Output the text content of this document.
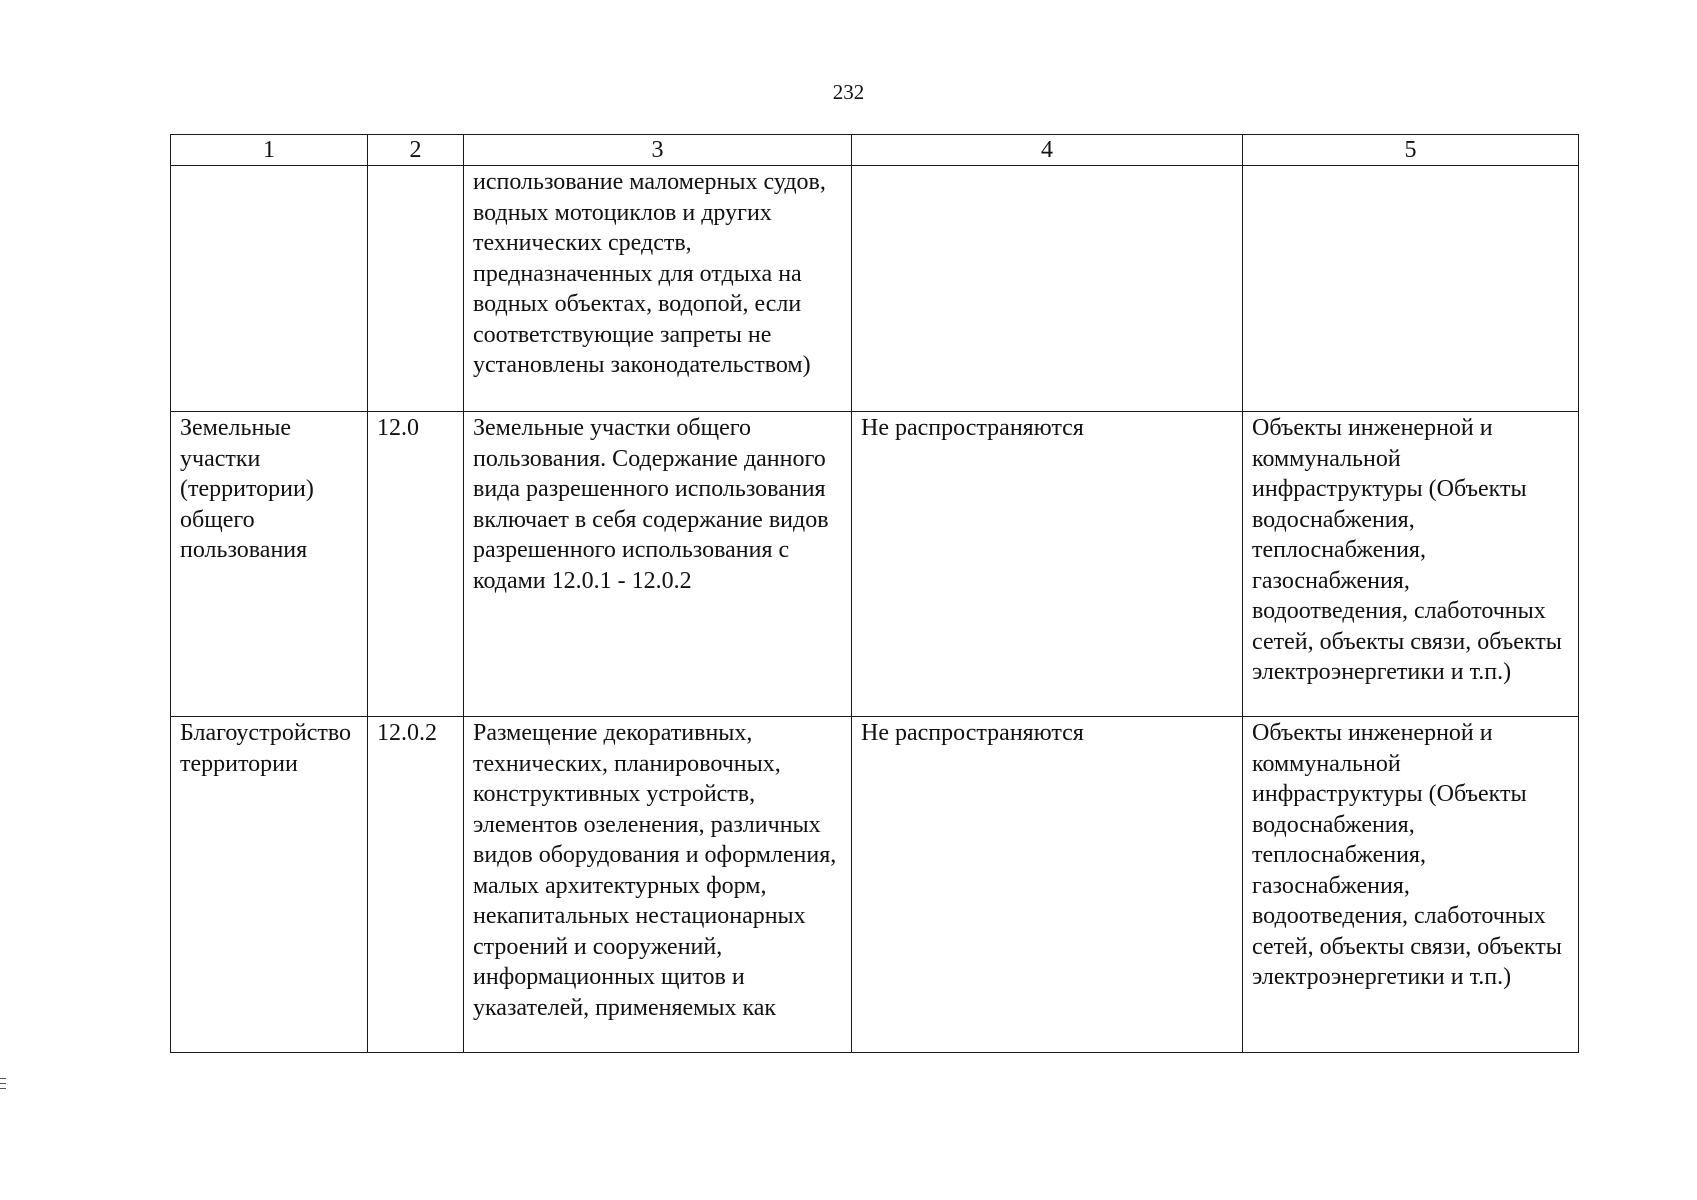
232
1	2	3	4	5
		использование маломерных судов, водных мотоциклов и других технических средств, предназначенных для отдыха на водных объектах, водопой, если соответствующие запреты не установлены законодательством)		
Земельные участки (территории) общего пользования	12.0	Земельные участки общего пользования. Содержание данного вида разрешенного использования включает в себя содержание видов разрешенного использования с кодами 12.0.1 - 12.0.2	Не распространяются	Объекты инженерной и коммунальной инфраструктуры (Объекты водоснабжения, теплоснабжения, газоснабжения, водоотведения, слаботочных сетей, объекты связи, объекты электроэнергетики и т.п.)
Благоустройство территории	12.0.2	Размещение декоративных, технических, планировочных, конструктивных устройств, элементов озеленения, различных видов оборудования и оформления, малых архитектурных форм, некапитальных нестационарных строений и сооружений, информационных щитов и указателей, применяемых как	Не распространяются	Объекты инженерной и коммунальной инфраструктуры (Объекты водоснабжения, теплоснабжения, газоснабжения, водоотведения, слаботочных сетей, объекты связи, объекты электроэнергетики и т.п.)
